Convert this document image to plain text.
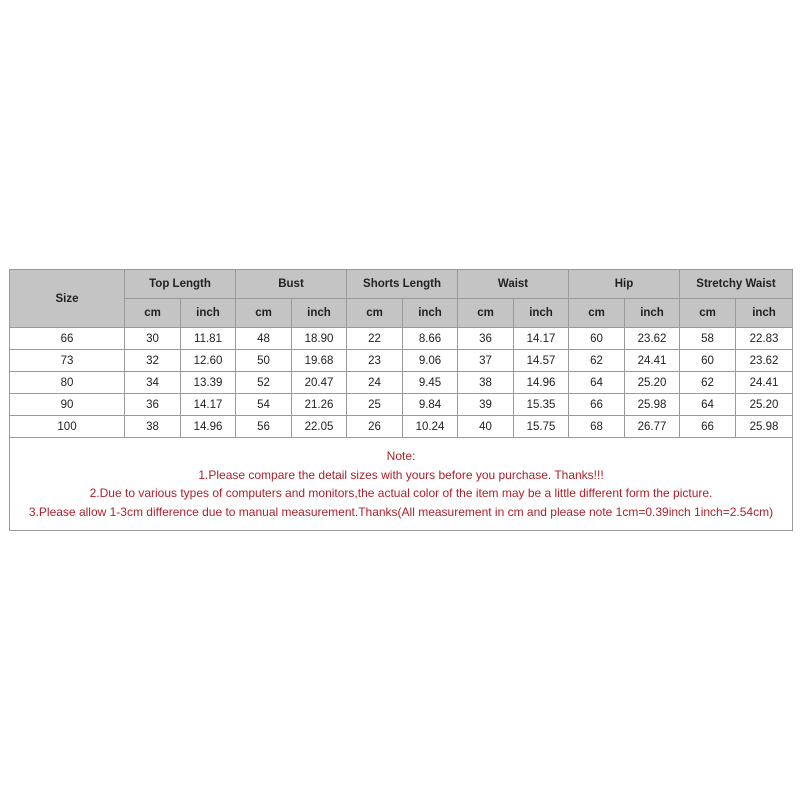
Size	Top Length		Bust		Shorts Length		Waist		Hip		Stretchy Waist	
	cm	inch	cm	inch	cm	inch	cm	inch	cm	inch	cm	inch
66	30	11.81	48	18.90	22	8.66	36	14.17	60	23.62	58	22.83
73	32	12.60	50	19.68	23	9.06	37	14.57	62	24.41	60	23.62
80	34	13.39	52	20.47	24	9.45	38	14.96	64	25.20	62	24.41
90	36	14.17	54	21.26	25	9.84	39	15.35	66	25.98	64	25.20
100	38	14.96	56	22.05	26	10.24	40	15.75	68	26.77	66	25.98

Note:
1.Please compare the detail sizes with yours before you purchase. Thanks!!!
2.Due to various types of computers and monitors,the actual color of the item may be a little different form the picture.
3.Please allow 1-3cm difference due to manual measurement.Thanks(All measurement in cm and please note 1cm=0.39inch 1inch=2.54cm)												
